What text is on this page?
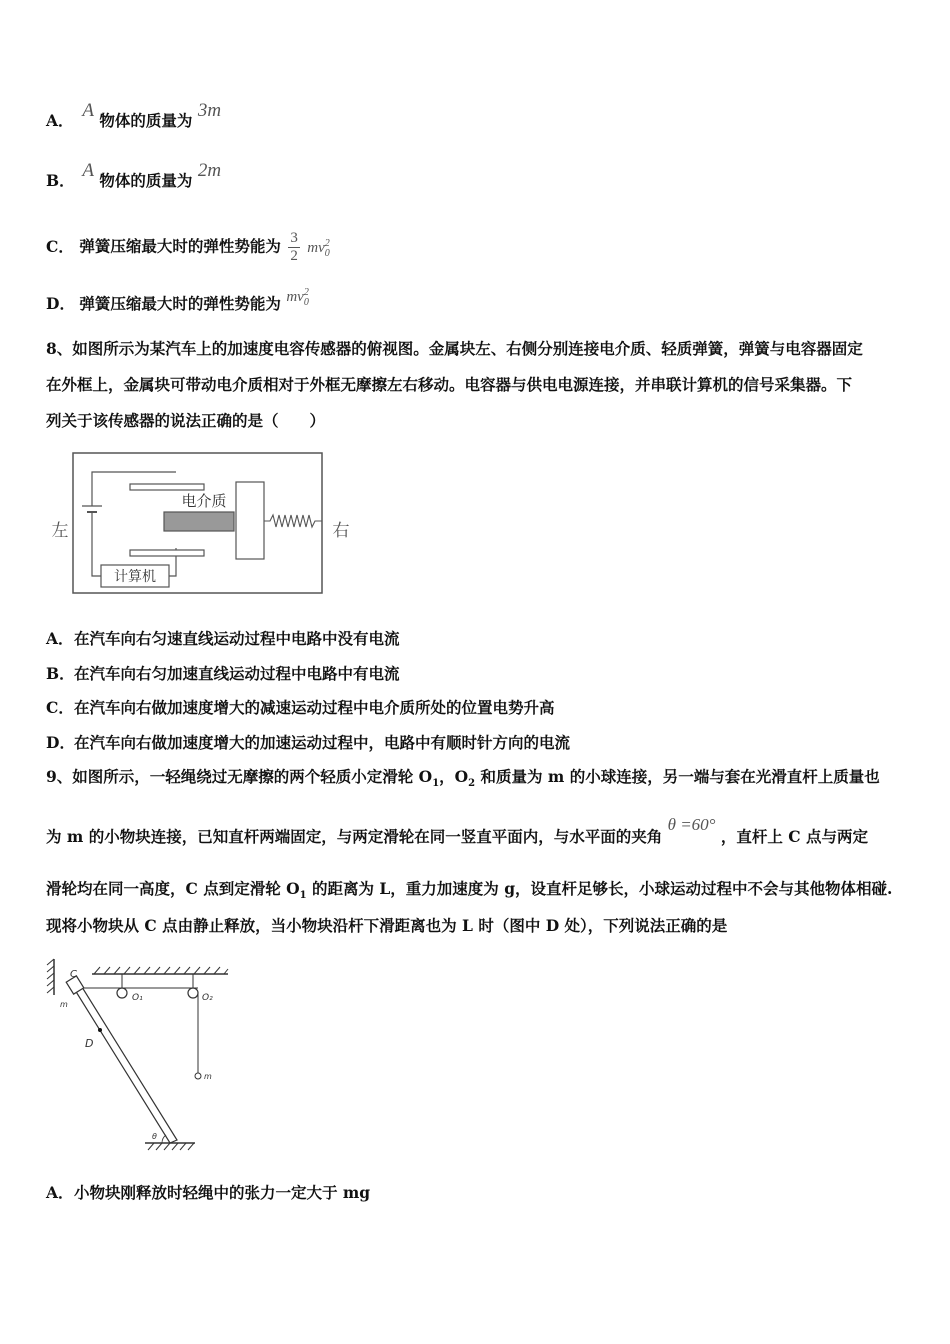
A． A 物体的质量为 3m
B． A 物体的质量为 2m
C． 弹簧压缩最大时的弹性势能为 $\frac{3}{2} mv^2_0$
D． 弹簧压缩最大时的弹性势能为 $mv^2_0$
8、如图所示为某汽车上的加速度电容传感器的俯视图。金属块左、右侧分别连接电介质、轻质弹簧，弹簧与电容器固定
在外框上，金属块可带动电介质相对于外框无摩擦左右移动。电容器与供电电源连接，并串联计算机的信号采集器。下
列关于该传感器的说法正确的是（　　）
计算机
电介质
左	右
A．在汽车向右匀速直线运动过程中电路中没有电流
B．在汽车向右匀加速直线运动过程中电路中有电流
C．在汽车向右做加速度增大的减速运动过程中电介质所处的位置电势升高
D．在汽车向右做加速度增大的加速运动过程中，电路中有顺时针方向的电流
9、如图所示，一轻绳绕过无摩擦的两个轻质小定滑轮 $O_1$，$O_2$ 和质量为 m 的小球连接，另一端与套在光滑直杆上质量也
为 m 的小物块连接，已知直杆两端固定，与两定滑轮在同一竖直平面内，与水平面的夹角 θ =60° ，直杆上 C 点与两定
滑轮均在同一高度，C 点到定滑轮 $O_1$ 的距离为 L，重力加速度为 g，设直杆足够长，小球运动过程中不会与其他物体相碰.
现将小物块从 C 点由静止释放，当小物块沿杆下滑距离也为 L 时（图中 D 处），下列说法正确的是
O₁	O₂
m
C
m
D
θ
A．小物块刚释放时轻绳中的张力一定大于 mg
